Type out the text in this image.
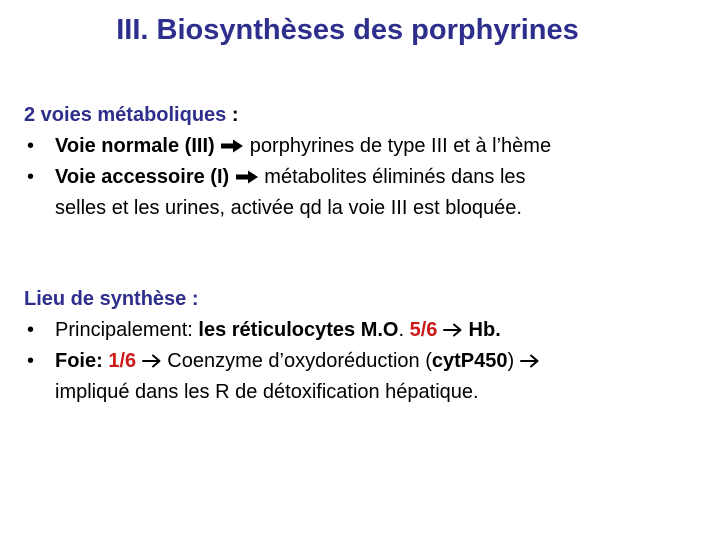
III. Biosynthèses des porphyrines
2 voies métaboliques :
• Voie normale (III)  porphyrines de type III et à l’hème
• Voie accessoire (I)  métabolites éliminés dans les
selles et les urines, activée qd la voie III est bloquée.
Lieu de synthèse :
• Principalement: les réticulocytes M.O. 5/6  Hb.
• Foie: 1/6  Coenzyme d’oxydoréduction (cytP450)
impliqué dans les R de détoxification hépatique.
